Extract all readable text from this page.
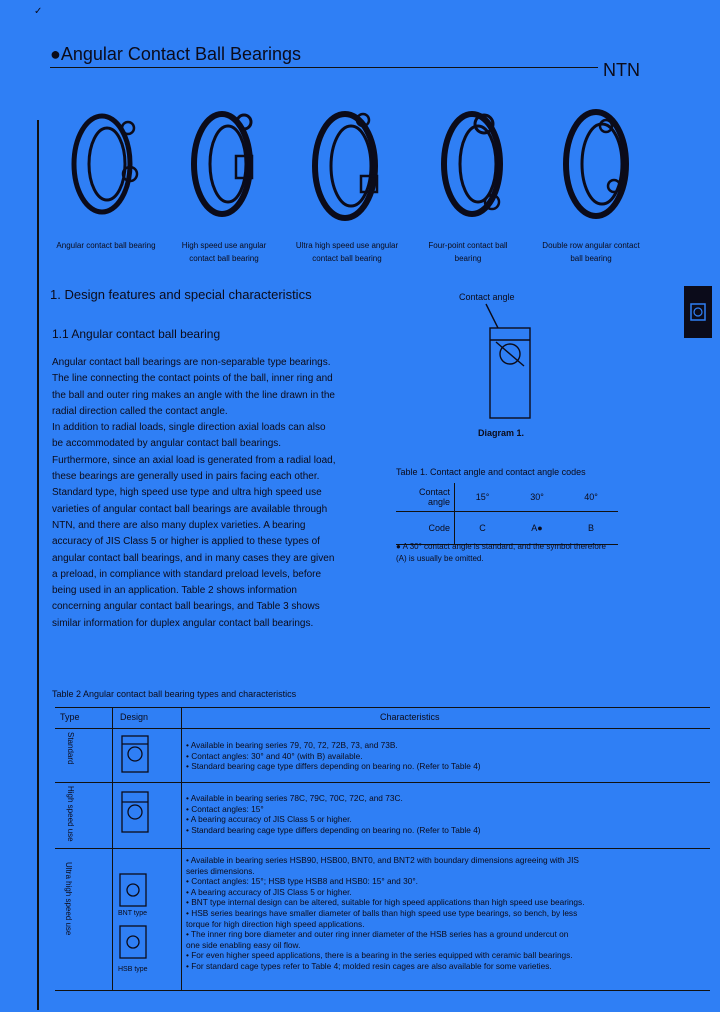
✓
●Angular Contact Ball Bearings
NTN
Angular contact ball bearing	High speed use angular
contact ball bearing
Ultra high speed use angular
contact ball bearing
Four-point contact ball
bearing
Double row angular contact
ball bearing
1. Design features and special characteristics
1.1 Angular contact ball bearing

Angular contact ball bearings are non-separable type bearings. The line connecting the contact points of the ball, inner ring and the ball and outer ring makes an angle with the line drawn in the radial direction called the contact angle.

In addition to radial loads, single direction axial loads can also be accommodated by angular contact ball bearings.

Furthermore, since an axial load is generated from a radial load, these bearings are generally used in pairs facing each other. Standard type, high speed use type and ultra high speed use varieties of angular contact ball bearings are available through NTN, and there are also many duplex varieties. A bearing accuracy of JIS Class 5 or higher is applied to these types of angular contact ball bearings, and in many cases they are given a preload, in compliance with standard preload levels, before being used in an application. Table 2 shows information concerning angular contact ball bearings, and Table 3 shows similar information for duplex angular contact ball bearings.

Contact angle
Diagram 1.
Table 1. Contact angle and contact angle codes
Contact angle	15°	30°	40°
Code	C	A●	B
● A 30° contact angle is standard, and the symbol therefore (A) is usually be omitted.
Table 2 Angular contact ball bearing types and characteristics
Type	Design	Characteristics
Standard	• Available in bearing series 79, 70, 72, 72B, 73, and 73B.
• Contact angles: 30° and 40° (with B) available.
• Standard bearing cage type differs depending on bearing no. (Refer to Table 4)
High speed use	• Available in bearing series 78C, 79C, 70C, 72C, and 73C.
• Contact angles: 15°
• A bearing accuracy of JIS Class 5 or higher.
• Standard bearing cage type differs depending on bearing no. (Refer to Table 4)
Ultra high speed use	BNT type
HSB type
• Available in bearing series HSB90, HSB00, BNT0, and BNT2 with boundary dimensions agreeing with JIS
series dimensions.
• Contact angles: 15°; HSB type HSB8 and HSB0: 15° and 30°.
• A bearing accuracy of JIS Class 5 or higher.
• BNT type internal design can be altered, suitable for high speed applications than high speed use bearings.
• HSB series bearings have smaller diameter of balls than high speed use type bearings, so bench, by less
torque for high direction high speed applications.
• The inner ring bore diameter and outer ring inner diameter of the HSB series has a ground undercut on
one side enabling easy oil flow.
• For even higher speed applications, there is a bearing in the series equipped with ceramic ball bearings.
• For standard cage types refer to Table 4; molded resin cages are also available for some varieties.
